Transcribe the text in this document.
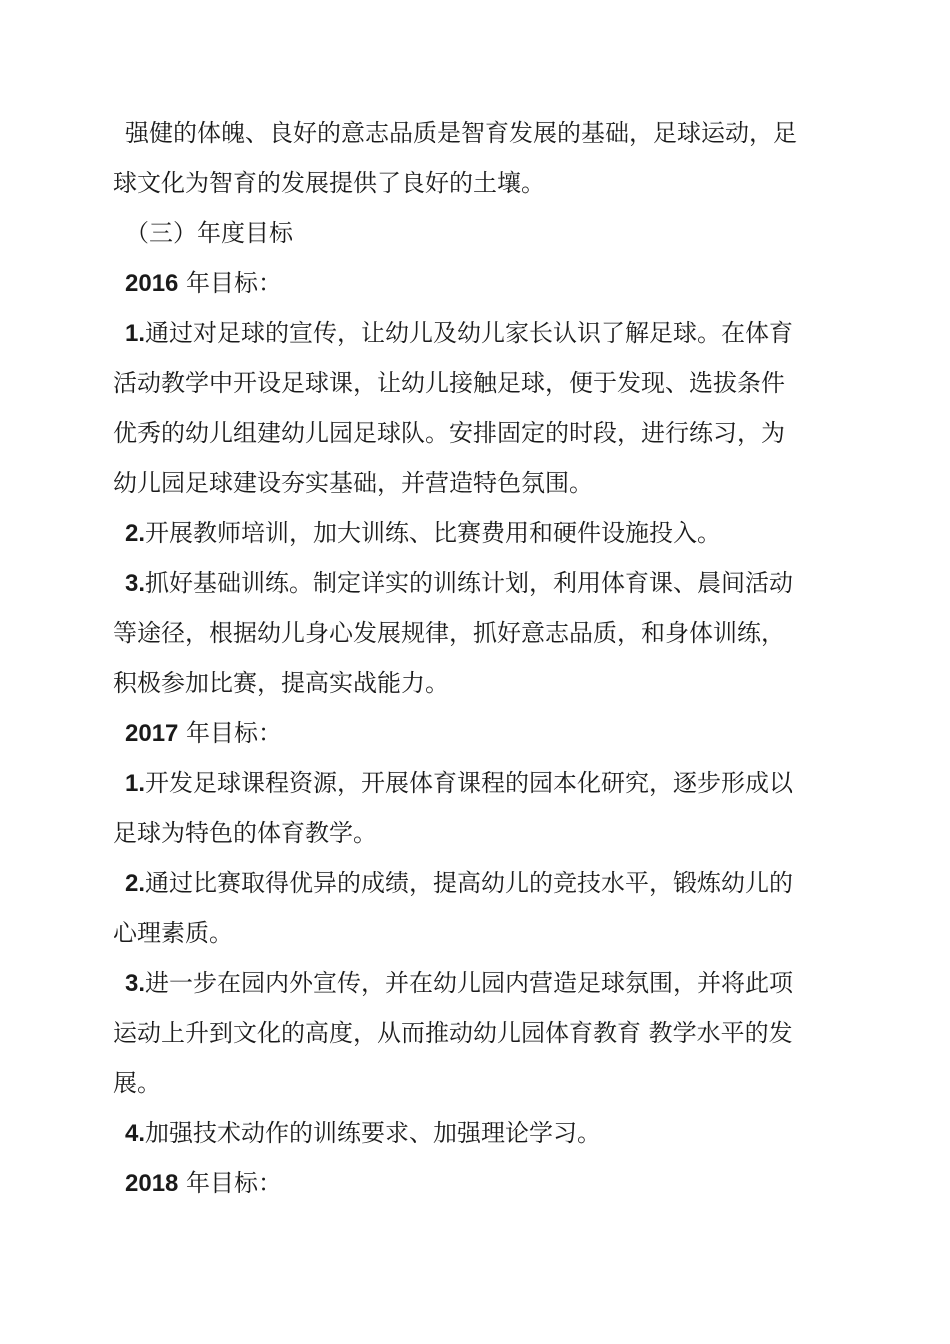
强健的体魄、良好的意志品质是智育发展的基础，足球运动，足
球文化为智育的发展提供了良好的土壤。
（三）年度目标
2016 年目标：
1.通过对足球的宣传，让幼儿及幼儿家长认识了解足球。在体育
活动教学中开设足球课，让幼儿接触足球，便于发现、选拔条件
优秀的幼儿组建幼儿园足球队。安排固定的时段，进行练习，为
幼儿园足球建设夯实基础，并营造特色氛围。
2.开展教师培训，加大训练、比赛费用和硬件设施投入。
3.抓好基础训练。制定详实的训练计划，利用体育课、晨间活动
等途径，根据幼儿身心发展规律，抓好意志品质，和身体训练，
积极参加比赛，提高实战能力。
2017 年目标：
1.开发足球课程资源，开展体育课程的园本化研究，逐步形成以
足球为特色的体育教学。
2.通过比赛取得优异的成绩，提高幼儿的竞技水平，锻炼幼儿的
心理素质。
3.进一步在园内外宣传，并在幼儿园内营造足球氛围，并将此项
运动上升到文化的高度，从而推动幼儿园体育教育 教学水平的发
展。
4.加强技术动作的训练要求、加强理论学习。
2018 年目标：
